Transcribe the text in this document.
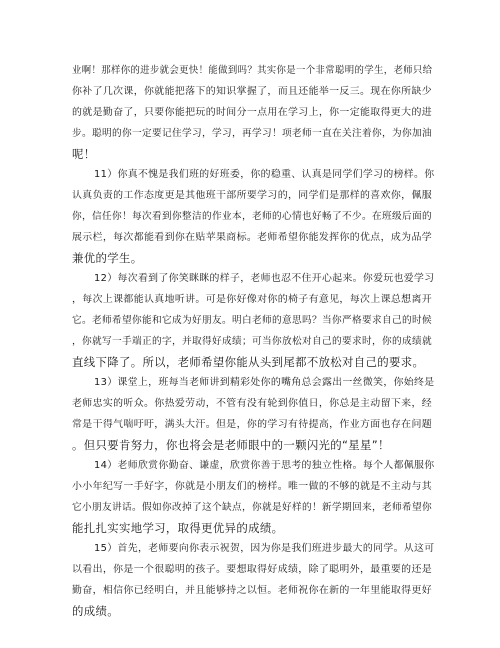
业啊！那样你的进步就会更快！能做到吗？其实你是一个非常聪明的学生，老师只给
你补了几次课，你就能把落下的知识掌握了，而且还能举一反三。现在你所缺少
的就是勤奋了，只要你能把玩的时间分一点用在学习上，你一定能取得更大的进
步。聪明的你一定要记住学习，学习，再学习！项老师一直在关注着你，为你加油
呢！
11）你真不愧是我们班的好班委，你的稳重、认真是同学们学习的榜样。你
认真负责的工作态度更是其他班干部所要学习的，同学们是那样的喜欢你，佩服
你，信任你！每次看到你整洁的作业本，老师的心情也好畅了不少。在班级后面的
展示栏，每次都能看到你在贴苹果商标。老师希望你能发挥你的优点，成为品学
兼优的学生。
12）每次看到了你笑眯眯的样子，老师也忍不住开心起来。你爱玩也爱学习
，每次上课都能认真地听讲。可是你好像对你的椅子有意见，每次上课总想离开
它。老师希望你能和它成为好朋友。明白老师的意思吗？当你严格要求自己的时候
，你就写一手端正的字，并取得好成绩；可当你放松对自己的要求时，你的成绩就
直线下降了。所以，老师希望你能从头到尾都不放松对自己的要求。
13）课堂上，班每当老师讲到精彩处你的嘴角总会露出一丝微笑，你始终是
老师忠实的听众。你热爱劳动，不管有没有轮到你值日，你总是主动留下来，经
常是干得气喘吁吁，满头大汗。但是，你的学习有待提高，作业方面也存在问题
。但只要肯努力，你也将会是老师眼中的一颗闪光的“星星”！
14）老师欣赏你勤奋、谦虚，欣赏你善于思考的独立性格。每个人都佩服你
小小年纪写一手好字，你就是小朋友们的榜样。唯一做的不够的就是不主动与其
它小朋友讲话。假如你改掉了这个缺点，你就是好样的！新学期回来，老师希望你
能扎扎实实地学习，取得更优异的成绩。
15）首先，老师要向你表示祝贺，因为你是我们班进步最大的同学。从这可
以看出，你是一个很聪明的孩子。要想取得好成绩，除了聪明外，最重要的还是
勤奋，相信你已经明白，并且能够持之以恒。老师祝你在新的一年里能取得更好
的成绩。
